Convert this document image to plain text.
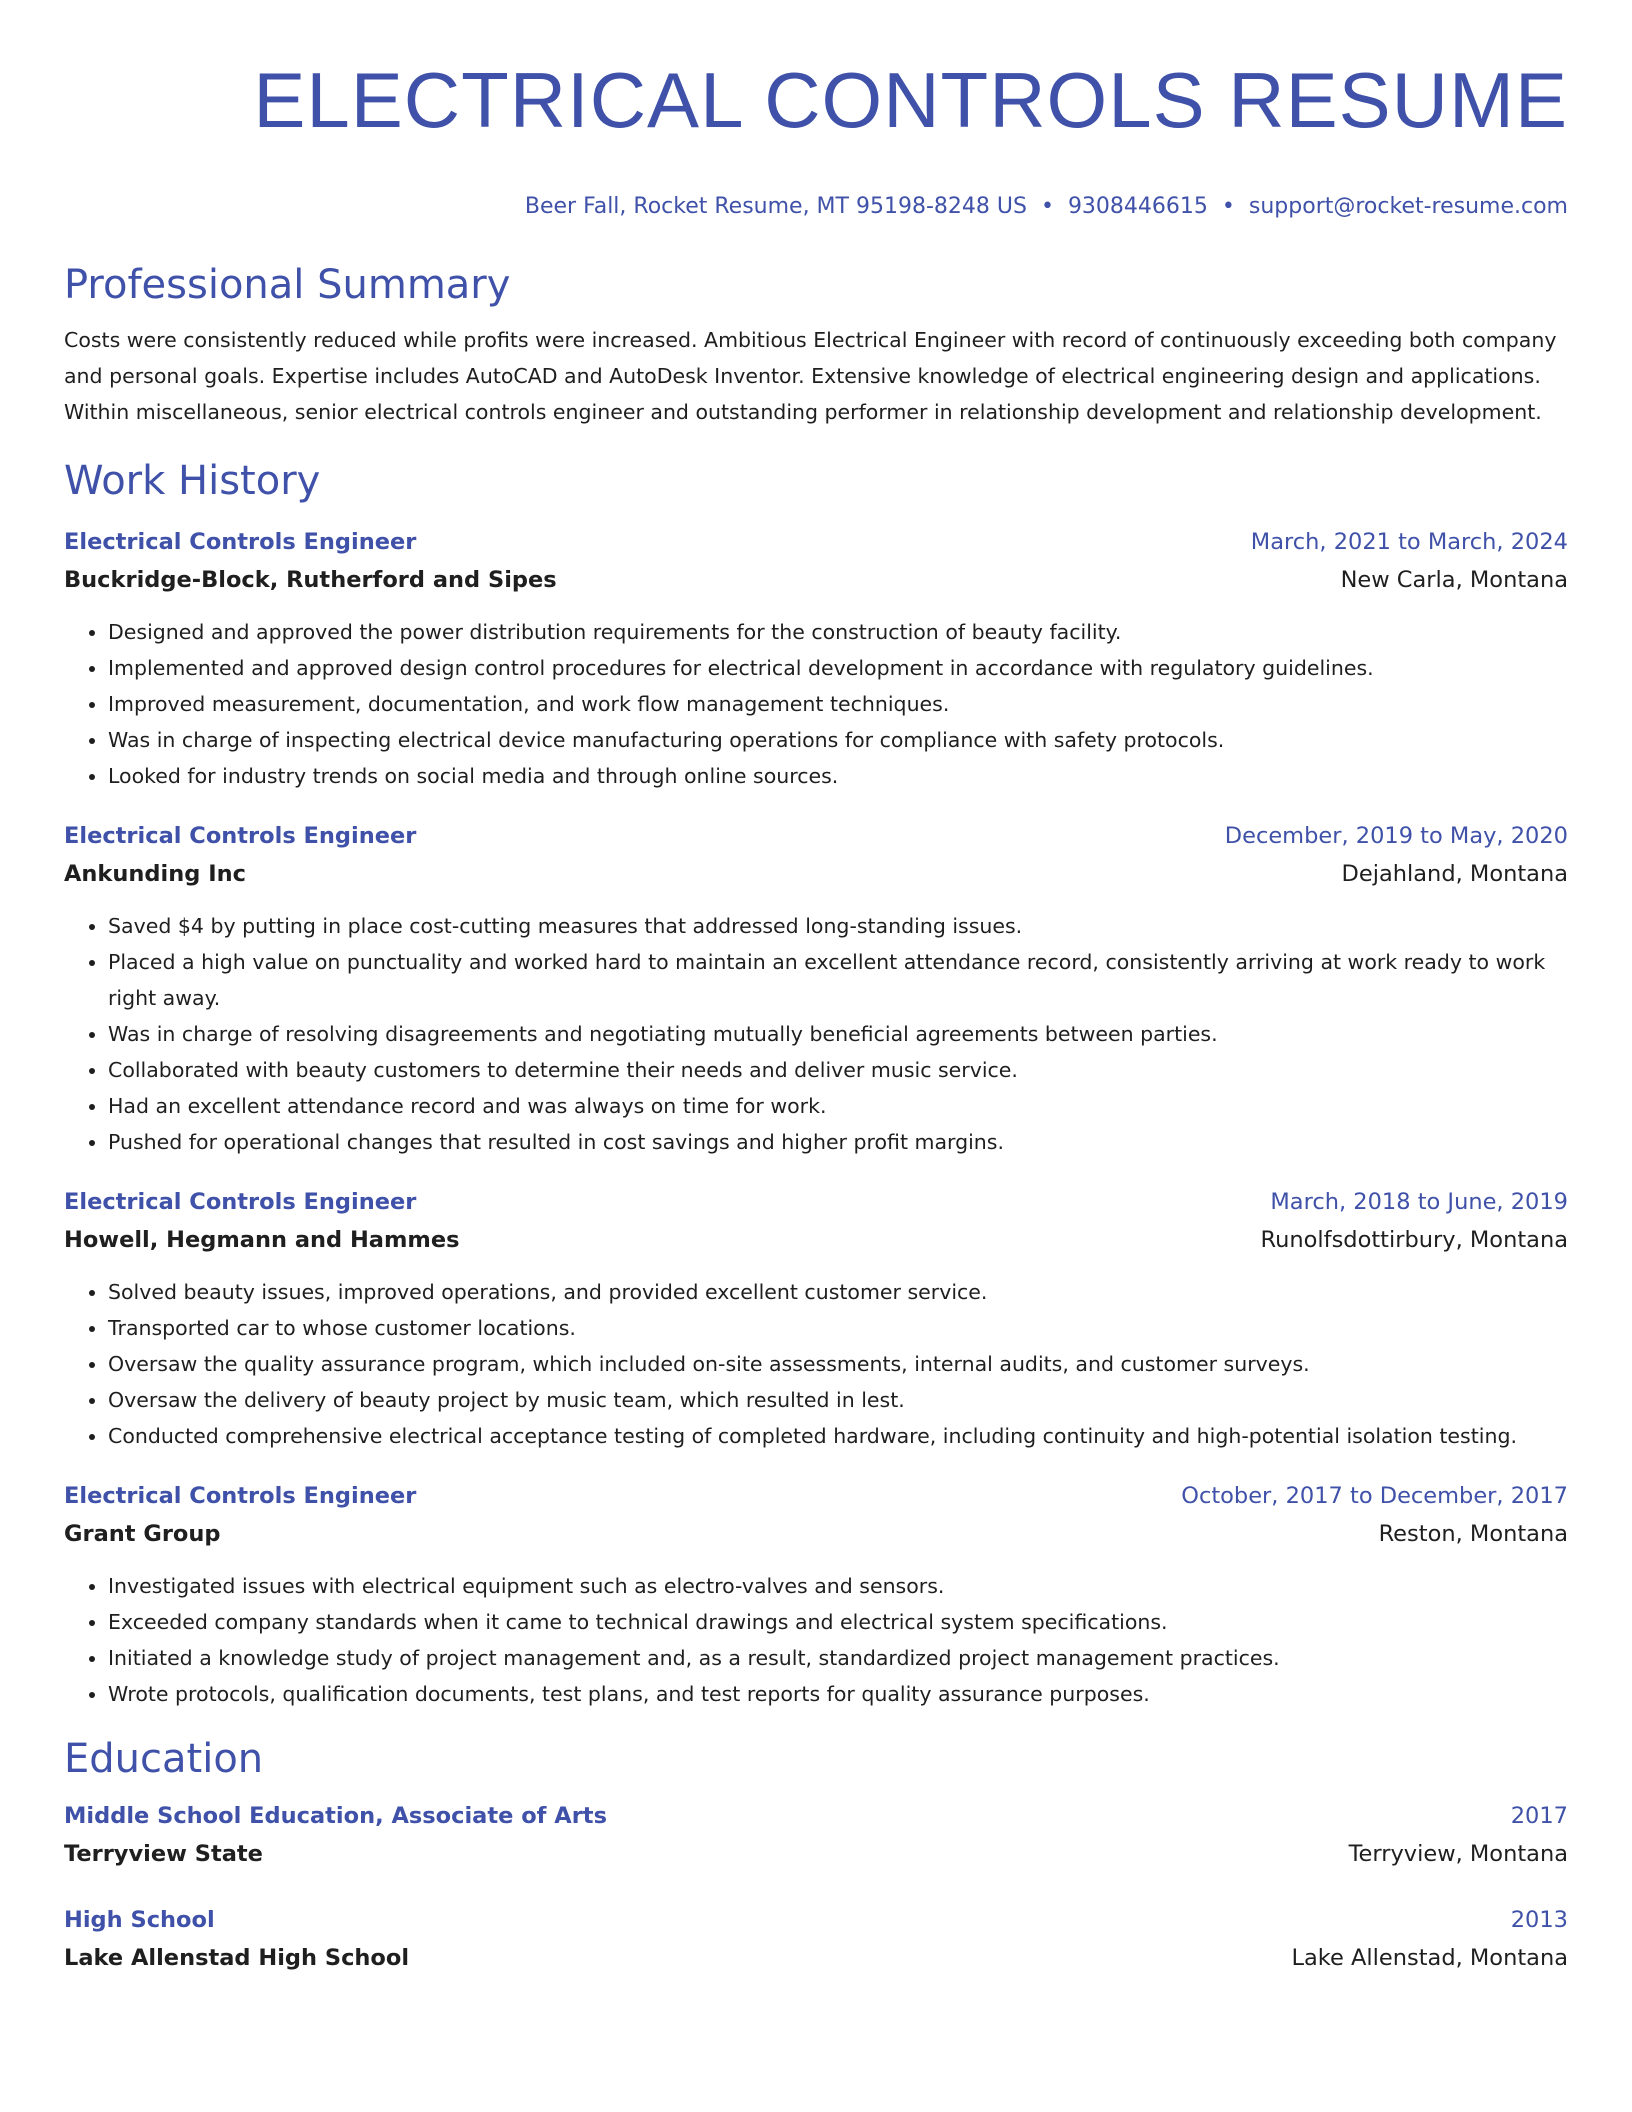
ELECTRICAL CONTROLS RESUME
Beer Fall, Rocket Resume, MT 95198-8248 US • 9308446615 • support@rocket-resume.com
Professional Summary
Costs were consistently reduced while profits were increased. Ambitious Electrical Engineer with record of continuously exceeding both company and personal goals. Expertise includes AutoCAD and AutoDesk Inventor. Extensive knowledge of electrical engineering design and applications. Within miscellaneous, senior electrical controls engineer and outstanding performer in relationship development and relationship development.
Work History
Electrical Controls Engineer	March, 2021 to March, 2024
Buckridge-Block, Rutherford and Sipes	New Carla, Montana
• Designed and approved the power distribution requirements for the construction of beauty facility.
• Implemented and approved design control procedures for electrical development in accordance with regulatory guidelines.
• Improved measurement, documentation, and work flow management techniques.
• Was in charge of inspecting electrical device manufacturing operations for compliance with safety protocols.
• Looked for industry trends on social media and through online sources.
Electrical Controls Engineer	December, 2019 to May, 2020
Ankunding Inc	Dejahland, Montana
• Saved $4 by putting in place cost-cutting measures that addressed long-standing issues.
• Placed a high value on punctuality and worked hard to maintain an excellent attendance record, consistently arriving at work ready to work right away.
• Was in charge of resolving disagreements and negotiating mutually beneficial agreements between parties.
• Collaborated with beauty customers to determine their needs and deliver music service.
• Had an excellent attendance record and was always on time for work.
• Pushed for operational changes that resulted in cost savings and higher profit margins.
Electrical Controls Engineer	March, 2018 to June, 2019
Howell, Hegmann and Hammes	Runolfsdottirbury, Montana
• Solved beauty issues, improved operations, and provided excellent customer service.
• Transported car to whose customer locations.
• Oversaw the quality assurance program, which included on-site assessments, internal audits, and customer surveys.
• Oversaw the delivery of beauty project by music team, which resulted in lest.
• Conducted comprehensive electrical acceptance testing of completed hardware, including continuity and high-potential isolation testing.
Electrical Controls Engineer	October, 2017 to December, 2017
Grant Group	Reston, Montana
• Investigated issues with electrical equipment such as electro-valves and sensors.
• Exceeded company standards when it came to technical drawings and electrical system specifications.
• Initiated a knowledge study of project management and, as a result, standardized project management practices.
• Wrote protocols, qualification documents, test plans, and test reports for quality assurance purposes.
Education
Middle School Education, Associate of Arts	2017
Terryview State	Terryview, Montana
High School	2013
Lake Allenstad High School	Lake Allenstad, Montana
